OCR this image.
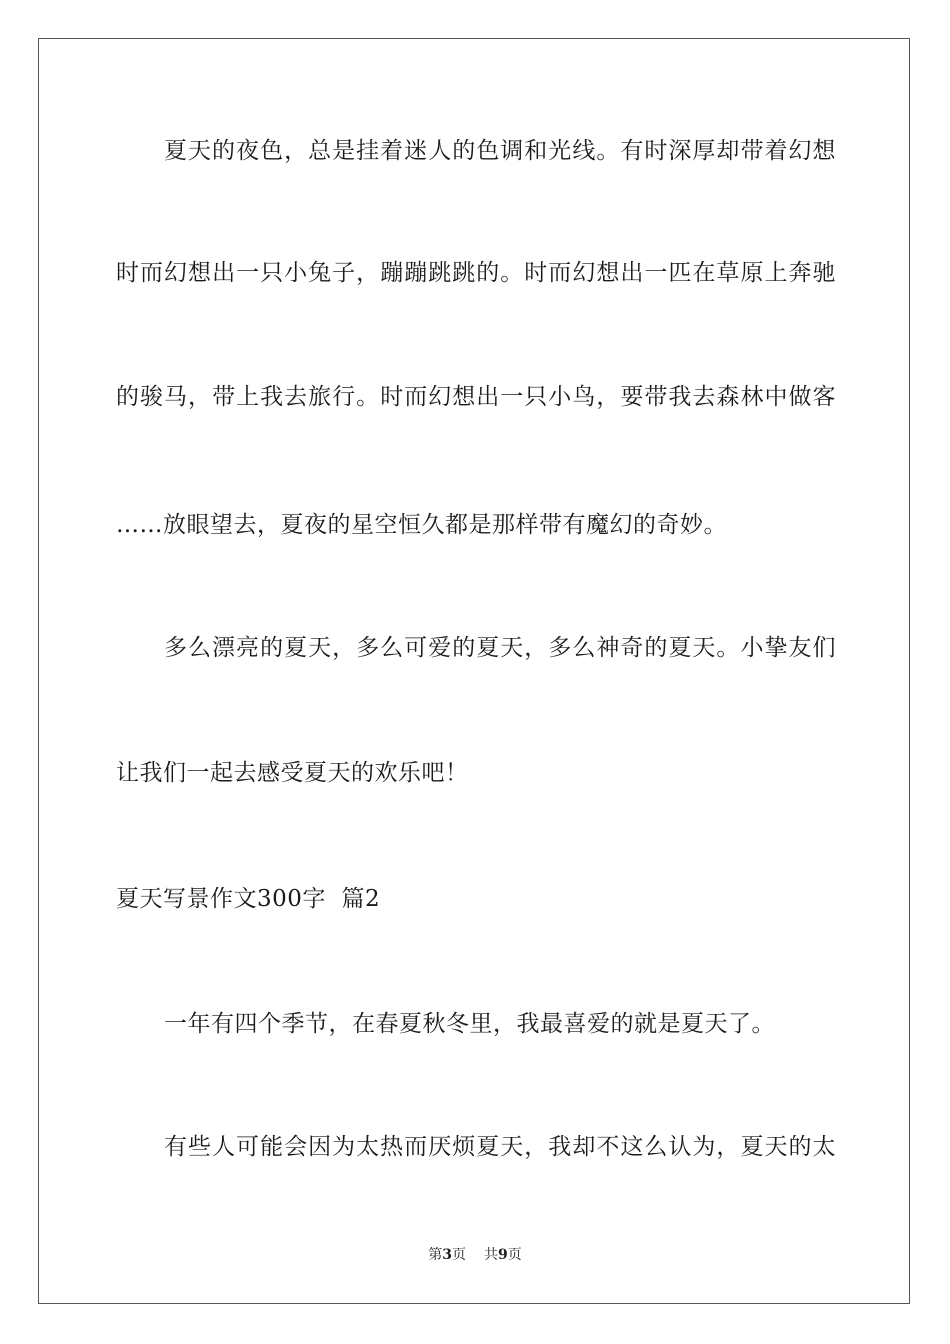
夏天的夜色，总是挂着迷人的色调和光线。有时深厚却带着幻想
时而幻想出一只小兔子，蹦蹦跳跳的。时而幻想出一匹在草原上奔驰
的骏马，带上我去旅行。时而幻想出一只小鸟，要带我去森林中做客
……放眼望去，夏夜的星空恒久都是那样带有魔幻的奇妙。
多么漂亮的夏天，多么可爱的夏天，多么神奇的夏天。小挚友们
让我们一起去感受夏天的欢乐吧！
夏天写景作文300字  篇2
一年有四个季节，在春夏秋冬里，我最喜爱的就是夏天了。
有些人可能会因为太热而厌烦夏天，我却不这么认为，夏天的太
第3页 共9页
